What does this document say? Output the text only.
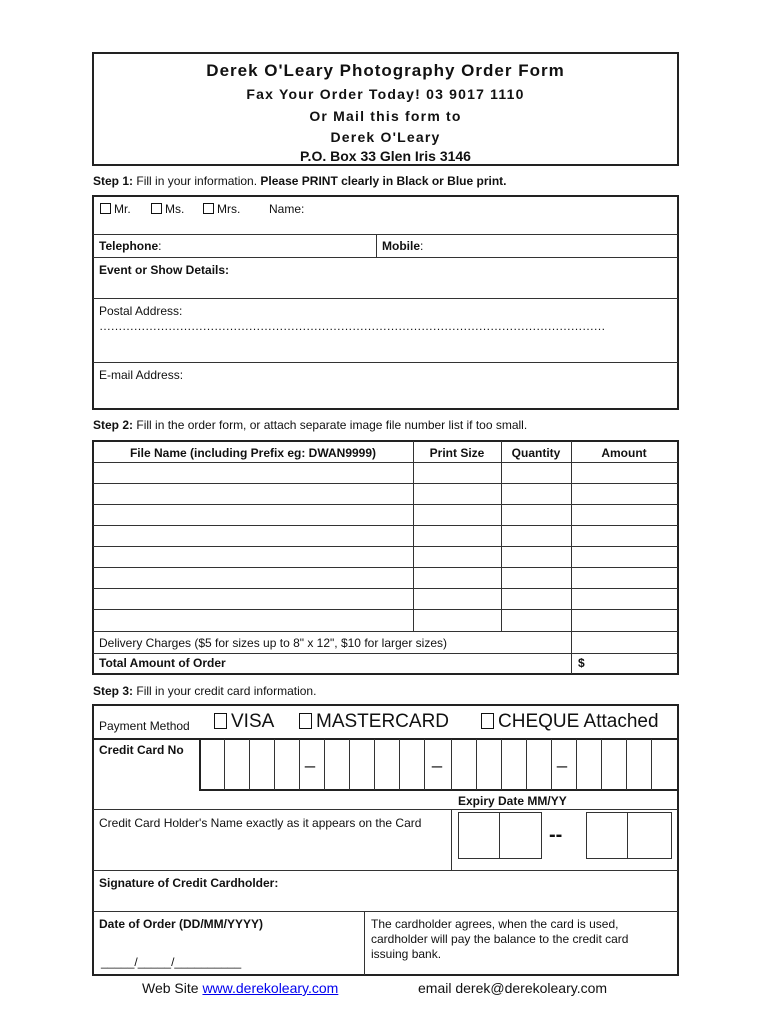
Derek O'Leary Photography Order Form
Fax Your Order Today! 03 9017 1110
Or Mail this form to
Derek O'Leary
P.O. Box 33 Glen Iris 3146
Step 1: Fill in your information. Please PRINT clearly in Black or Blue print.
Mr.	Ms.	Mrs. Name:
Telephone:	Mobile:
Event or Show Details:
Postal Address:
……………………………………………………………………………………………………………………
E-mail Address:
Step 2: Fill in the order form, or attach separate image file number list if too small.
File Name (including Prefix eg: DWAN9999)	Print Size	Quantity	Amount
Delivery Charges ($5 for sizes up to 8" x 12", $10 for larger sizes)
Total Amount of Order	$
Step 3: Fill in your credit card information.
Payment Method	VISA	MASTERCARD	CHEQUE Attached
Credit Card No	_	_	_
Expiry Date MM/YY
Credit Card Holder's Name exactly as it appears on the Card
--
Signature of Credit Cardholder:
Date of Order (DD/MM/YYYY)
_____/_____/__________
The cardholder agrees, when the card is used, cardholder will pay the balance to the credit card issuing bank.
Web Site www.derekoleary.com	email derek@derekoleary.com
